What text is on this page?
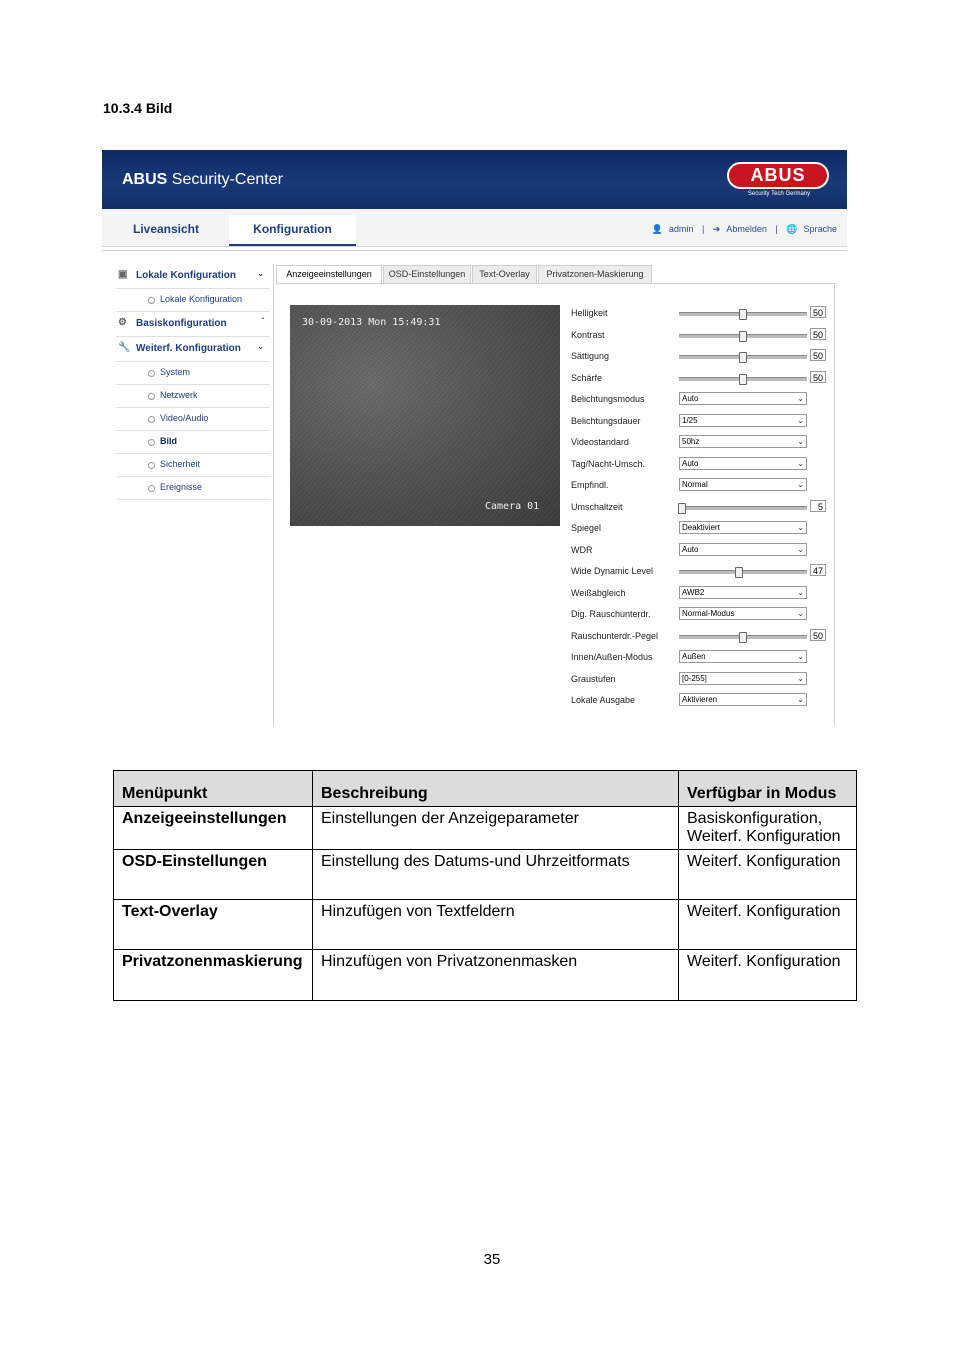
10.3.4 Bild
ABUS Security-Center	ABUS
Security Tech Germany
Liveansicht	Konfiguration	👤 admin | ➔ Abmelden | 🌐 Sprache
▣ Lokale Konfiguration	⌄
Lokale Konfiguration
⚙ Basiskonfiguration	ˆ
🔧 Weiterf. Konfiguration ⌄
System
Netzwerk
Video/Audio
Bild
Sicherheit
Ereignisse
Anzeigeeinstellungen	OSD-Einstellungen	Text-Overlay	Privatzonen-Maskierung
30-09-2013 Mon 15:49:31
Camera 01
Helligkeit	50
Kontrast	50
Sättigung	50
Schärfe	50
Belichtungsmodus	Auto	⌄
Belichtungsdauer	1/25	⌄
Videostandard	50hz	⌄
Tag/Nacht-Umsch.	Auto	⌄
Empfindl.	Normal	⌄
Umschaltzeit	5
Spiegel	Deaktiviert	⌄
WDR	Auto	⌄
Wide Dynamic Level	47
Weißabgleich	AWB2	⌄
Dig. Rauschunterdr.	Normal-Modus	⌄
Rauschunterdr.-Pegel	50
Innen/Außen-Modus	Außen	⌄
Graustufen	[0-255]	⌄
Lokale Ausgabe	Aktivieren	⌄
Menüpunkt	Beschreibung	Verfügbar in Modus
Anzeigeeinstellungen	Einstellungen der Anzeigeparameter	Basiskonfiguration,
Weiterf. Konfiguration
OSD-Einstellungen	Einstellung des Datums-und Uhrzeitformats	Weiterf. Konfiguration
Text-Overlay	Hinzufügen von Textfeldern	Weiterf. Konfiguration
Privatzonenmaskierung	Hinzufügen von Privatzonenmasken	Weiterf. Konfiguration
35
